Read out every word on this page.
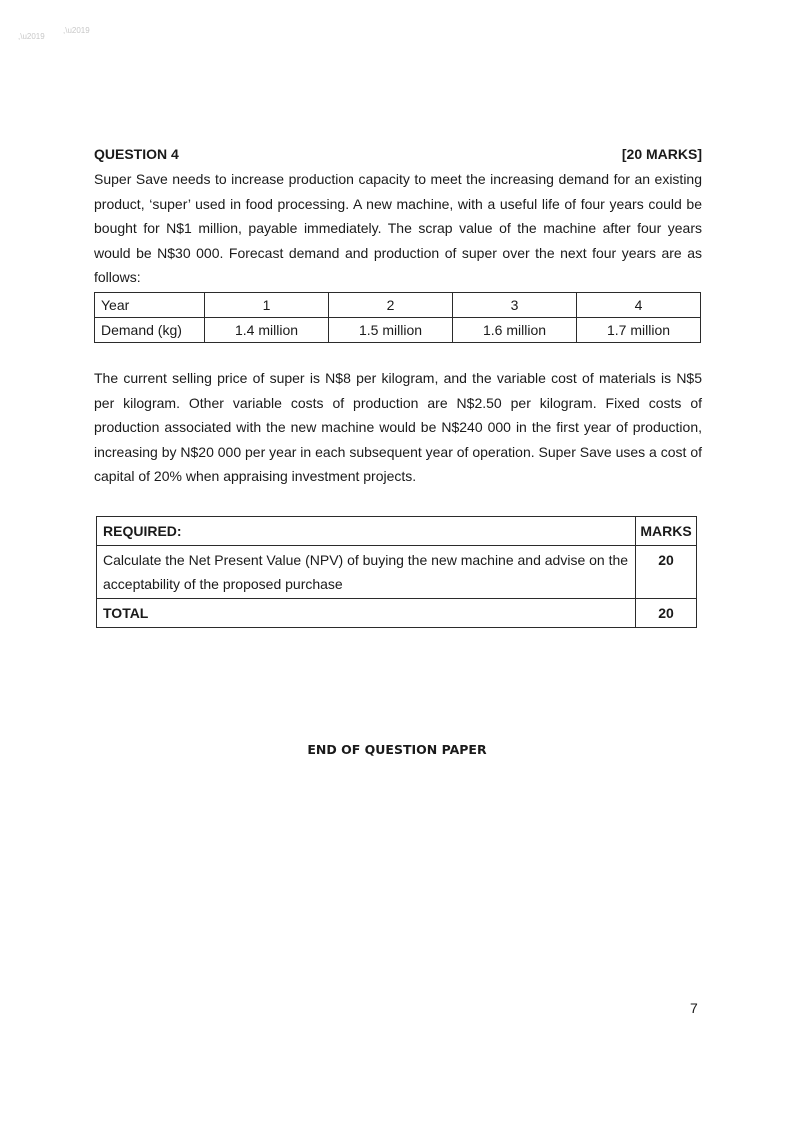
,\u2019
,\u2019
QUESTION 4	[20 MARKS]
Super Save needs to increase production capacity to meet the increasing demand for an existing product, ‘super’ used in food processing. A new machine, with a useful life of four years could be bought for N$1 million, payable immediately. The scrap value of the machine after four years would be N$30 000. Forecast demand and production of super over the next four years are as follows:
Year	1	2	3	4
Demand (kg)	1.4 million	1.5 million	1.6 million	1.7 million
The current selling price of super is N$8 per kilogram, and the variable cost of materials is N$5 per kilogram. Other variable costs of production are N$2.50 per kilogram. Fixed costs of production associated with the new machine would be N$240 000 in the first year of production, increasing by N$20 000 per year in each subsequent year of operation. Super Save uses a cost of capital of 20% when appraising investment projects.
REQUIRED:	MARKS
Calculate the Net Present Value (NPV) of buying the new machine and advise on the acceptability of the proposed purchase	20
TOTAL	20
END OF QUESTION PAPER
7
